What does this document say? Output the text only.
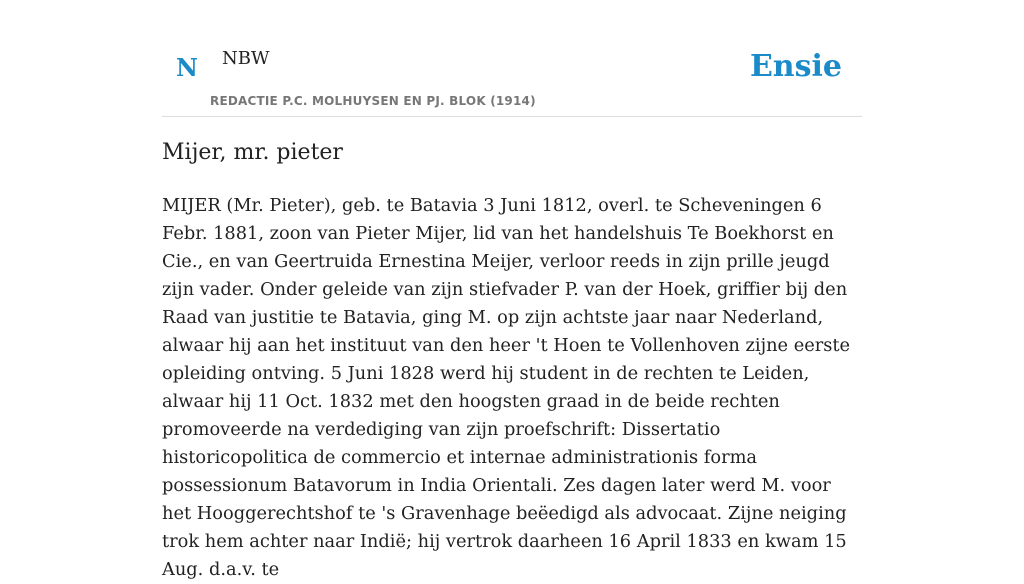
N NBW
REDACTIE P.C. MOLHUYSEN EN PJ. BLOK (1914)
Ensie
Mijer, mr. pieter

MIJER (Mr. Pieter), geb. te Batavia 3 Juni 1812, overl. te Scheveningen 6 Febr. 1881, zoon van Pieter Mijer, lid van het handelshuis Te Boekhorst en Cie., en van Geertruida Ernestina Meijer, verloor reeds in zijn prille jeugd zijn vader. Onder geleide van zijn stiefvader P. van der Hoek, griffier bij den Raad van justitie te Batavia, ging M. op zijn achtste jaar naar Nederland, alwaar hij aan het instituut van den heer 't Hoen te Vollenhoven zijne eerste opleiding ontving. 5 Juni 1828 werd hij student in de rechten te Leiden, alwaar hij 11 Oct. 1832 met den hoogsten graad in de beide rechten promoveerde na verdediging van zijn proefschrift: Dissertatio historicopolitica de commercio et internae administrationis forma possessionum Batavorum in India Orientali. Zes dagen later werd M. voor het Hooggerechtshof te 's Gravenhage beëedigd als advocaat. Zijne neiging trok hem achter naar Indië; hij vertrok daarheen 16 April 1833 en kwam 15 Aug. d.a.v. te
